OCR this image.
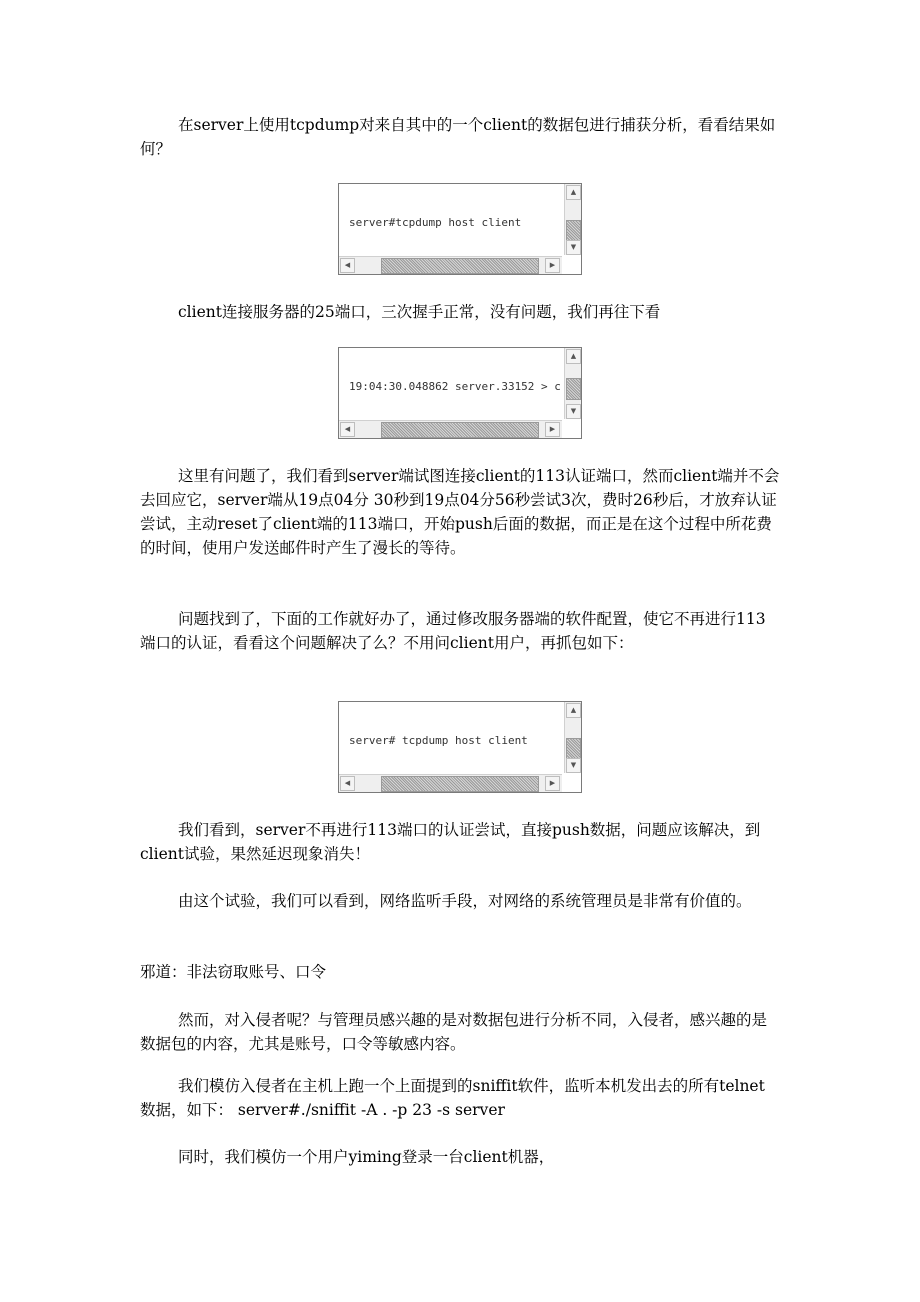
在server上使用tcpdump对来自其中的一个client的数据包进行捕获分析，看看结果如何？

server#tcpdump host client

▲
▼
◀	▶

client连接服务器的25端口，三次握手正常，没有问题，我们再往下看

19:04:30.048862 server.33152 > c

▲
▼
◀	▶

这里有问题了，我们看到server端试图连接client的113认证端口，然而client端并不会去回应它，server端从19点04分 30秒到19点04分56秒尝试3次，费时26秒后，才放弃认证尝试，主动reset了client端的113端口，开始push后面的数据，而正是在这个过程中所花费的时间，使用户发送邮件时产生了漫长的等待。

问题找到了，下面的工作就好办了，通过修改服务器端的软件配置，使它不再进行113端口的认证，看看这个问题解决了么？不用问client用户，再抓包如下：

server# tcpdump host client

▲
▼
◀	▶

我们看到，server不再进行113端口的认证尝试，直接push数据，问题应该解决，到client试验，果然延迟现象消失！

由这个试验，我们可以看到，网络监听手段，对网络的系统管理员是非常有价值的。

邪道：非法窃取账号、口令

然而，对入侵者呢？与管理员感兴趣的是对数据包进行分析不同，入侵者，感兴趣的是数据包的内容，尤其是账号，口令等敏感内容。

我们模仿入侵者在主机上跑一个上面提到的sniffit软件，监听本机发出去的所有telnet数据，如下： server#./sniffit -A . -p 23 -s server

同时，我们模仿一个用户yiming登录一台client机器，
